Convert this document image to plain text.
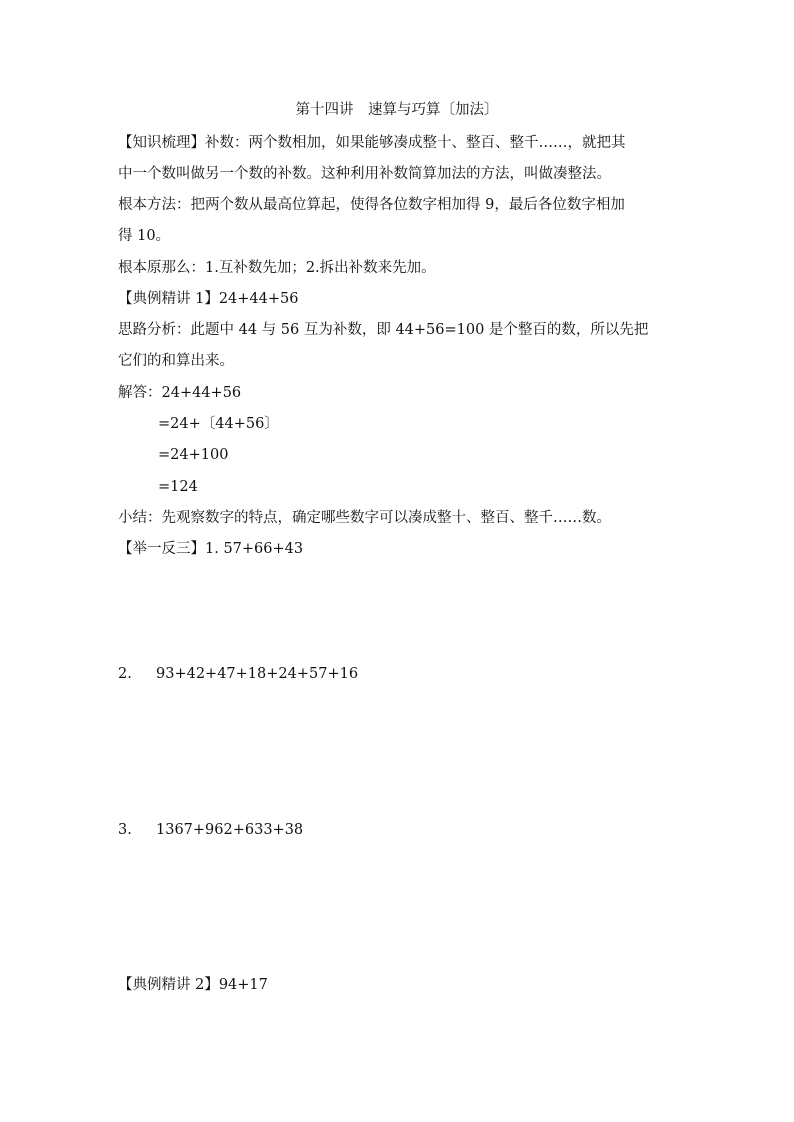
第十四讲　速算与巧算〔加法〕
【知识梳理】补数：两个数相加，如果能够凑成整十、整百、整千……，就把其
中一个数叫做另一个数的补数。这种利用补数简算加法的方法，叫做凑整法。
根本方法：把两个数从最高位算起，使得各位数字相加得 9，最后各位数字相加
得 10。
根本原那么：1.互补数先加；2.拆出补数来先加。
【典例精讲 1】24+44+56
思路分析：此题中 44 与 56 互为补数，即 44+56=100 是个整百的数，所以先把
它们的和算出来。
解答：24+44+56
=24+〔44+56〕
=24+100
=124
小结：先观察数字的特点，确定哪些数字可以凑成整十、整百、整千……数。
【举一反三】1. 57+66+43
2. 93+42+47+18+24+57+16
3. 1367+962+633+38
【典例精讲 2】94+17
